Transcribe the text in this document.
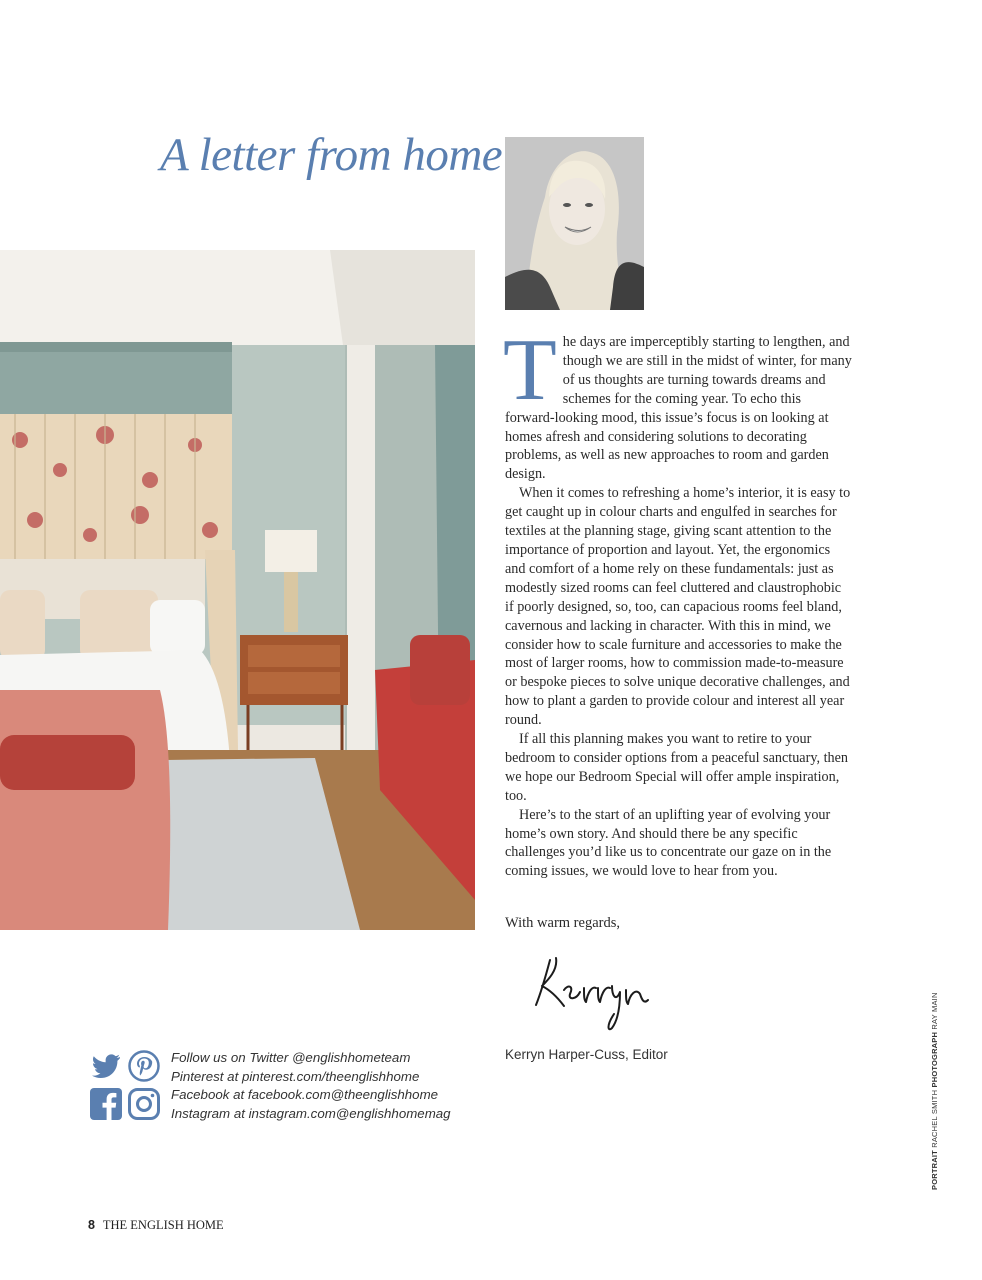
A letter from home

The days are imperceptibly starting to lengthen, and though we are still in the midst of winter, for many of us thoughts are turning towards dreams and schemes for the coming year. To echo this forward-looking mood, this issue’s focus is on looking at homes afresh and considering solutions to decorating problems, as well as new approaches to room and garden design.

When it comes to refreshing a home’s interior, it is easy to get caught up in colour charts and engulfed in searches for textiles at the planning stage, giving scant attention to the importance of proportion and layout. Yet, the ergonomics and comfort of a home rely on these fundamentals: just as modestly sized rooms can feel cluttered and claustrophobic if poorly designed, so, too, can capacious rooms feel bland, cavernous and lacking in character. With this in mind, we consider how to scale furniture and accessories to make the most of larger rooms, how to commission made-to-measure or bespoke pieces to solve unique decorative challenges, and how to plant a garden to provide colour and interest all year round.

If all this planning makes you want to retire to your bedroom to consider options from a peaceful sanctuary, then we hope our Bedroom Special will offer ample inspiration, too.

Here’s to the start of an uplifting year of evolving your home’s own story. And should there be any specific challenges you’d like us to concentrate our gaze on in the coming issues, we would love to hear from you.

With warm regards,
Kerryn Harper-Cuss, Editor
Follow us on Twitter @englishhometeam
Pinterest at pinterest.com/theenglishhome
Facebook at facebook.com@theenglishhome
Instagram at instagram.com@englishhomemag
PORTRAIT RACHEL SMITH PHOTOGRAPH RAY MAIN
8 THE ENGLISH HOME
